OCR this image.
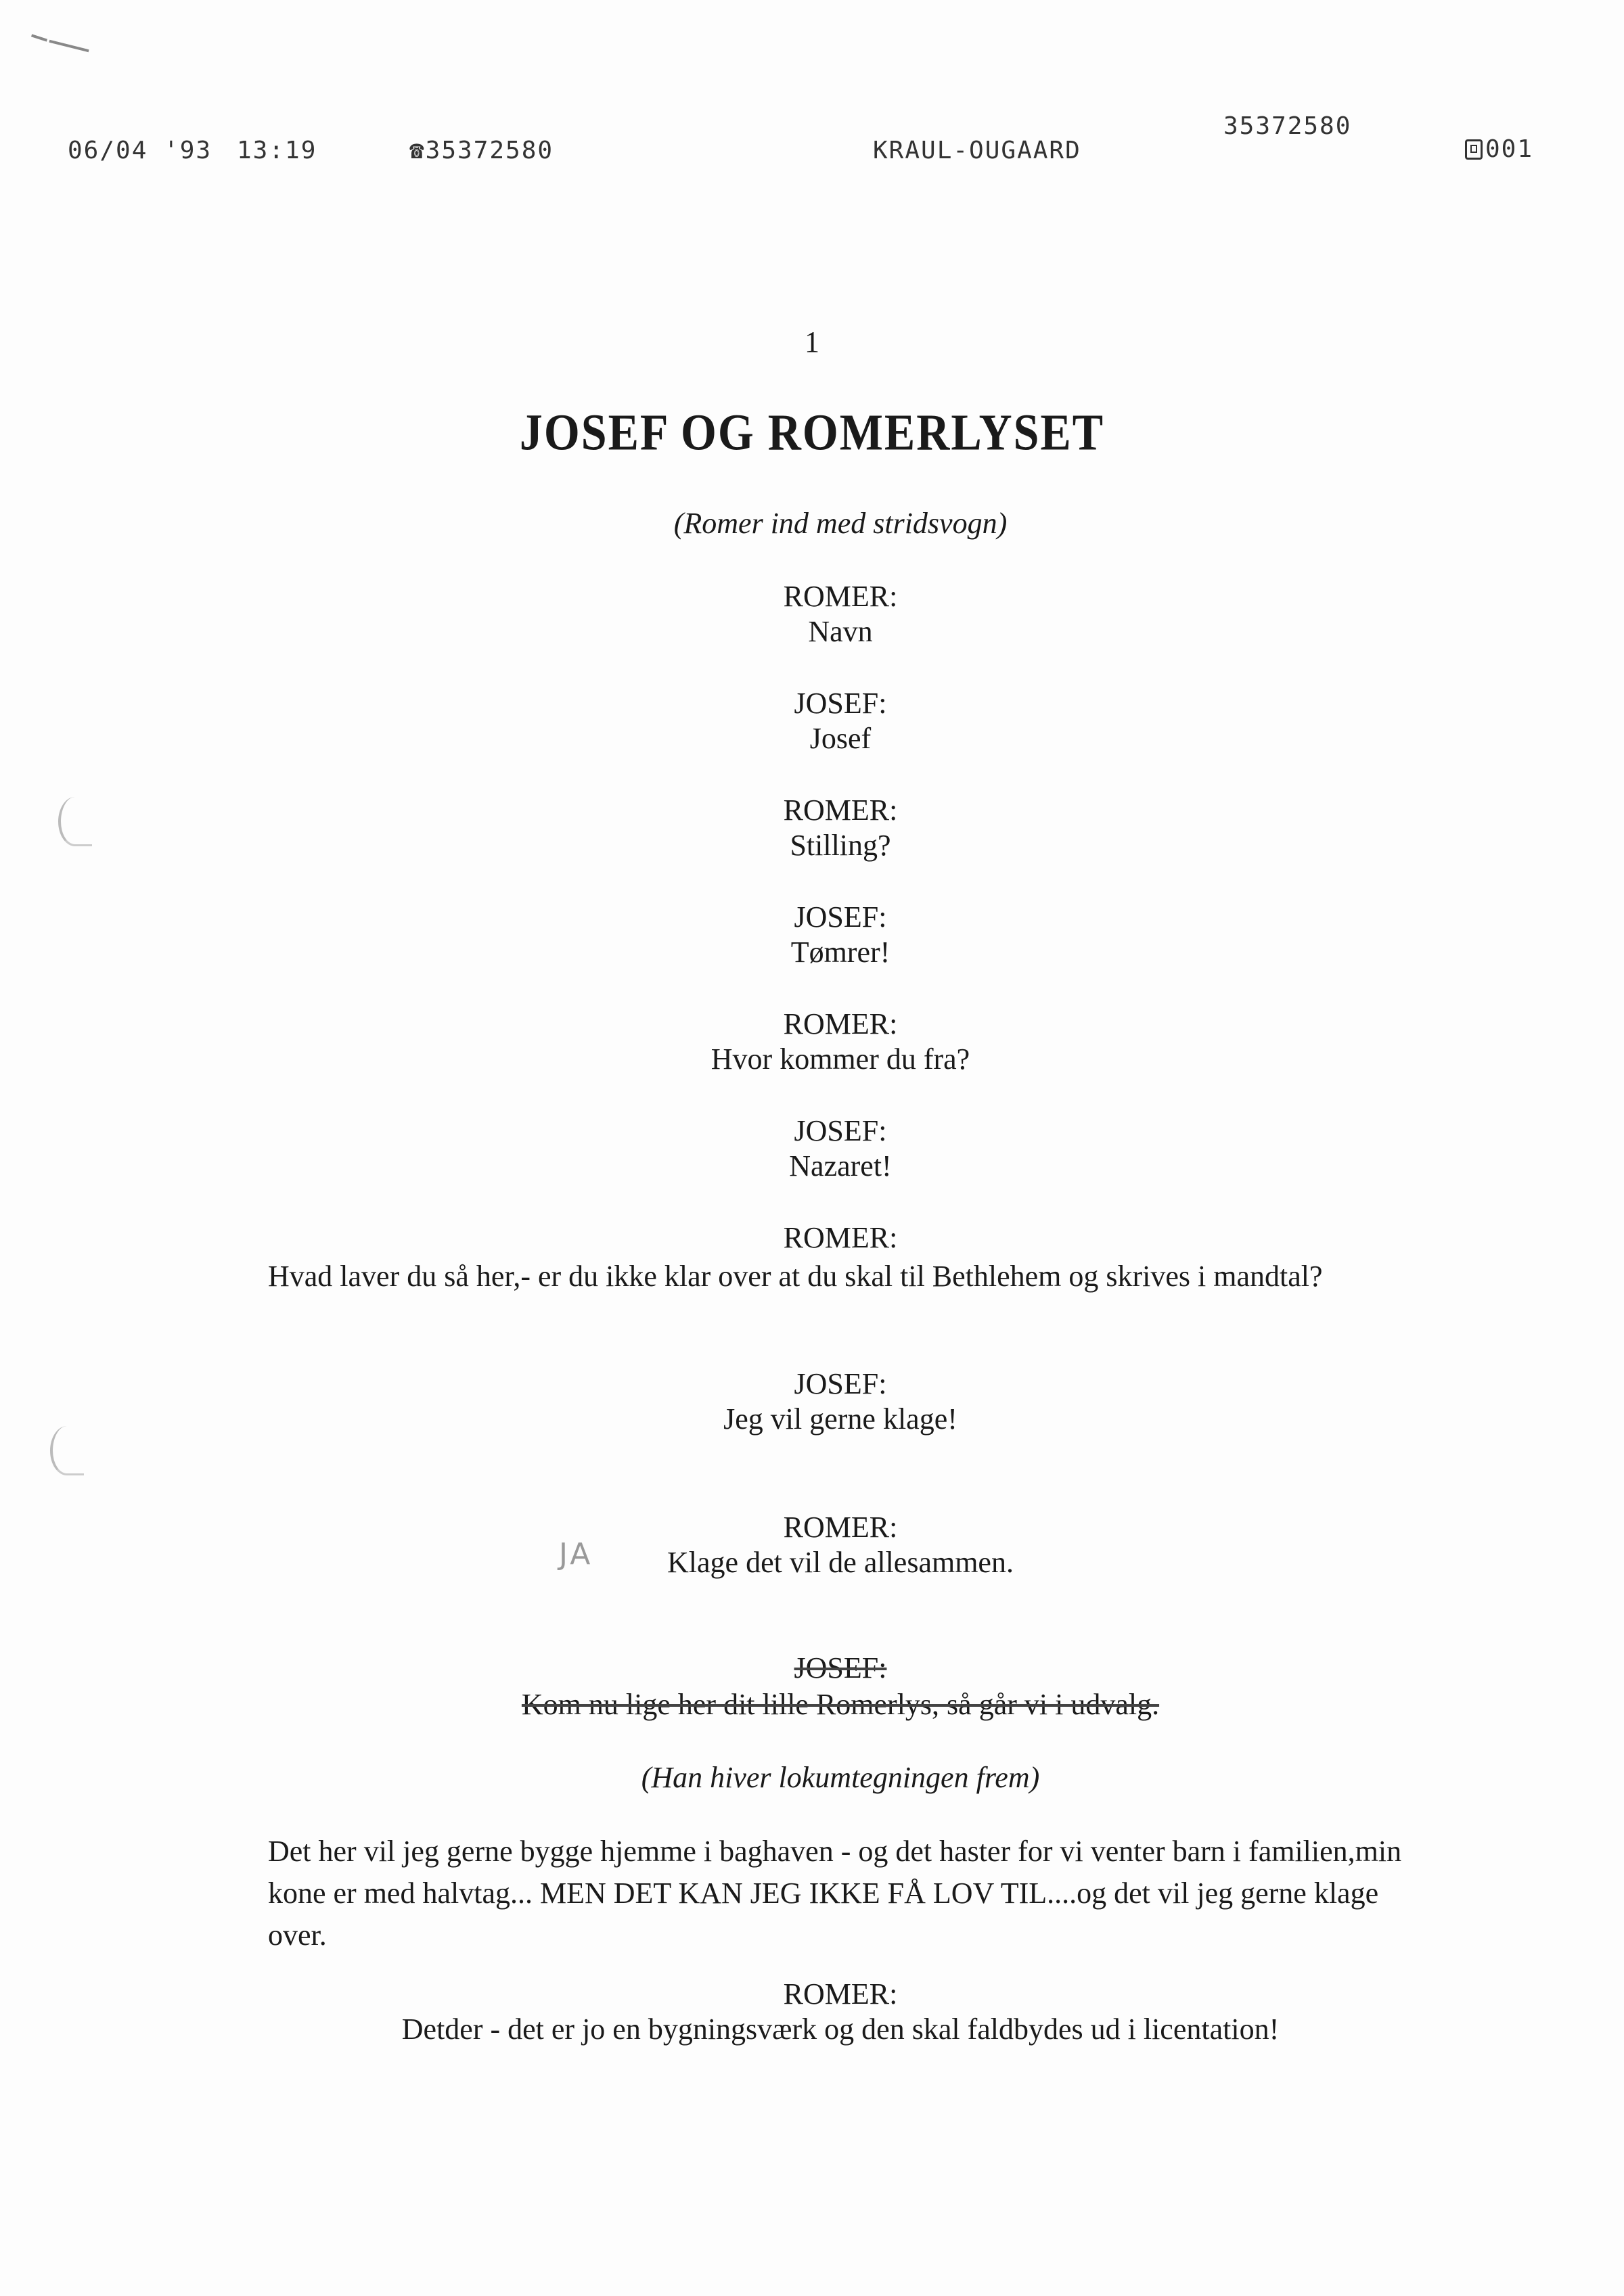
06/04 '93 13:19	☎35372580	KRAUL-OUGAARD
35372580
001
1
JOSEF OG ROMERLYSET
(Romer ind med stridsvogn)
ROMER:
Navn
JOSEF:
Josef
ROMER:
Stilling?
JOSEF:
Tømrer!
ROMER:
Hvor kommer du fra?
JOSEF:
Nazaret!
ROMER:
Hvad laver du så her,- er du ikke klar over at du skal til Bethlehem og skrives i mandtal?
JOSEF:
Jeg vil gerne klage!
ROMER:
JA	Klage det vil de allesammen.
JOSEF:
Kom nu lige her dit lille Romerlys, så går vi i udvalg.
(Han hiver lokumtegningen frem)
Det her vil jeg gerne bygge hjemme i baghaven - og det haster for vi venter barn i familien,min kone er med halvtag... MEN DET KAN JEG IKKE FÅ LOV TIL....og det vil jeg gerne klage over.
ROMER:
Detder - det er jo en bygningsværk og den skal faldbydes ud i licentation!
